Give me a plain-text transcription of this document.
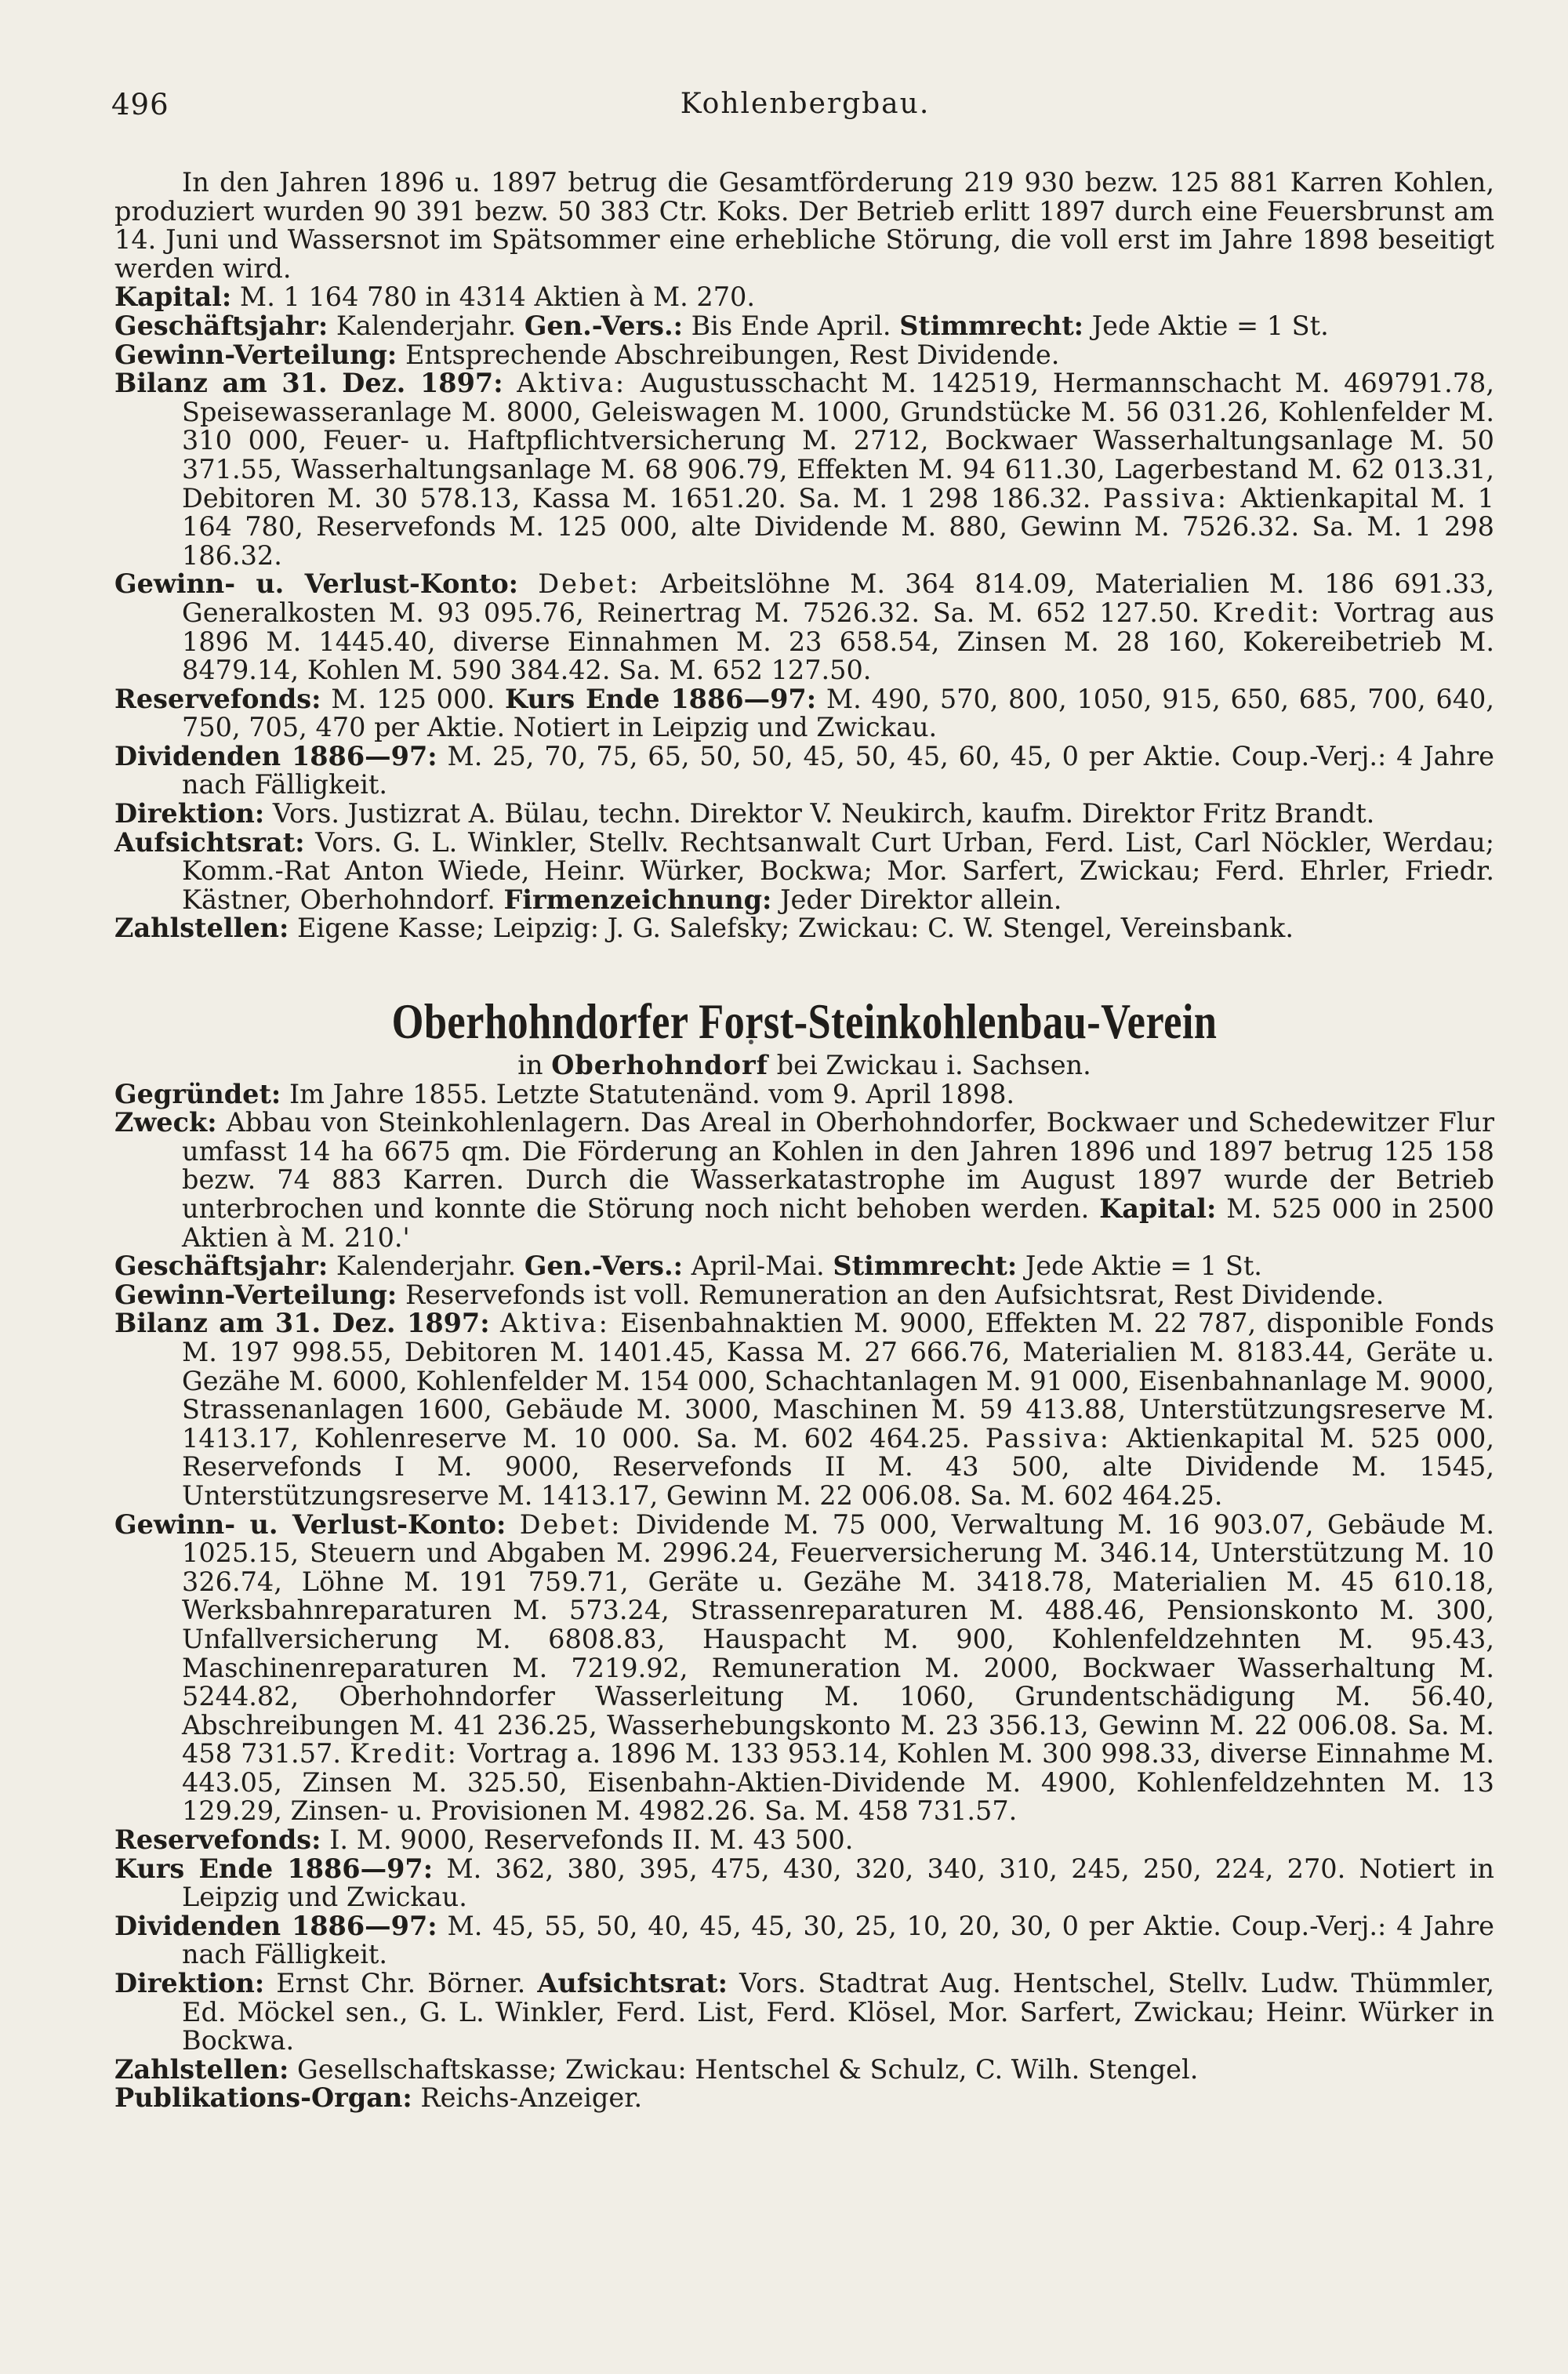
496	Kohlenbergbau.

In den Jahren 1896 u. 1897 betrug die Gesamtförderung 219 930 bezw. 125 881 Karren Kohlen, produziert wurden 90 391 bezw. 50 383 Ctr. Koks. Der Betrieb erlitt 1897 durch eine Feuersbrunst am 14. Juni und Wassersnot im Spätsommer eine erhebliche Störung, die voll erst im Jahre 1898 beseitigt werden wird.

Kapital: M. 1 164 780 in 4314 Aktien à M. 270.

Geschäftsjahr: Kalenderjahr. Gen.-Vers.: Bis Ende April. Stimmrecht: Jede Aktie = 1 St.

Gewinn-Verteilung: Entsprechende Abschreibungen, Rest Dividende.

Bilanz am 31. Dez. 1897: Aktiva: Augustusschacht M. 142519, Hermannschacht M. 469791.78, Speisewasseranlage M. 8000, Geleiswagen M. 1000, Grundstücke M. 56 031.26, Kohlenfelder M. 310 000, Feuer- u. Haftpflichtversicherung M. 2712, Bockwaer Wasserhaltungsanlage M. 50 371.55, Wasserhaltungsanlage M. 68 906.79, Effekten M. 94 611.30, Lagerbestand M. 62 013.31, Debitoren M. 30 578.13, Kassa M. 1651.20. Sa. M. 1 298 186.32. Passiva: Aktienkapital M. 1 164 780, Reservefonds M. 125 000, alte Dividende M. 880, Gewinn M. 7526.32. Sa. M. 1 298 186.32.

Gewinn- u. Verlust-Konto: Debet: Arbeitslöhne M. 364 814.09, Materialien M. 186 691.33, Generalkosten M. 93 095.76, Reinertrag M. 7526.32. Sa. M. 652 127.50. Kredit: Vortrag aus 1896 M. 1445.40, diverse Einnahmen M. 23 658.54, Zinsen M. 28 160, Kokereibetrieb M. 8479.14, Kohlen M. 590 384.42. Sa. M. 652 127.50.

Reservefonds: M. 125 000. Kurs Ende 1886—97: M. 490, 570, 800, 1050, 915, 650, 685, 700, 640, 750, 705, 470 per Aktie. Notiert in Leipzig und Zwickau.

Dividenden 1886—97: M. 25, 70, 75, 65, 50, 50, 45, 50, 45, 60, 45, 0 per Aktie. Coup.-Verj.: 4 Jahre nach Fälligkeit.

Direktion: Vors. Justizrat A. Bülau, techn. Direktor V. Neukirch, kaufm. Direktor Fritz Brandt.

Aufsichtsrat: Vors. G. L. Winkler, Stellv. Rechtsanwalt Curt Urban, Ferd. List, Carl Nöckler, Werdau; Komm.-Rat Anton Wiede, Heinr. Würker, Bockwa; Mor. Sarfert, Zwickau; Ferd. Ehrler, Friedr. Kästner, Oberhohndorf. Firmenzeichnung: Jeder Direktor allein.

Zahlstellen: Eigene Kasse; Leipzig: J. G. Salefsky; Zwickau: C. W. Stengel, Vereinsbank.

Oberhohndorfer Forst-Steinkohlenbau-Verein

in Oberhohndorf bei Zwickau i. Sachsen.

Gegründet: Im Jahre 1855. Letzte Statutenänd. vom 9. April 1898.

Zweck: Abbau von Steinkohlenlagern. Das Areal in Oberhohndorfer, Bockwaer und Schedewitzer Flur umfasst 14 ha 6675 qm. Die Förderung an Kohlen in den Jahren 1896 und 1897 betrug 125 158 bezw. 74 883 Karren. Durch die Wasserkatastrophe im August 1897 wurde der Betrieb unterbrochen und konnte die Störung noch nicht behoben werden. Kapital: M. 525 000 in 2500 Aktien à M. 210.'

Geschäftsjahr: Kalenderjahr. Gen.-Vers.: April-Mai. Stimmrecht: Jede Aktie = 1 St.

Gewinn-Verteilung: Reservefonds ist voll. Remuneration an den Aufsichtsrat, Rest Dividende.

Bilanz am 31. Dez. 1897: Aktiva: Eisenbahnaktien M. 9000, Effekten M. 22 787, disponible Fonds M. 197 998.55, Debitoren M. 1401.45, Kassa M. 27 666.76, Materialien M. 8183.44, Geräte u. Gezähe M. 6000, Kohlenfelder M. 154 000, Schachtanlagen M. 91 000, Eisenbahnanlage M. 9000, Strassenanlagen 1600, Gebäude M. 3000, Maschinen M. 59 413.88, Unterstützungsreserve M. 1413.17, Kohlenreserve M. 10 000. Sa. M. 602 464.25. Passiva: Aktienkapital M. 525 000, Reservefonds I M. 9000, Reservefonds II M. 43 500, alte Dividende M. 1545, Unterstützungsreserve M. 1413.17, Gewinn M. 22 006.08. Sa. M. 602 464.25.

Gewinn- u. Verlust-Konto: Debet: Dividende M. 75 000, Verwaltung M. 16 903.07, Gebäude M. 1025.15, Steuern und Abgaben M. 2996.24, Feuerversicherung M. 346.14, Unterstützung M. 10 326.74, Löhne M. 191 759.71, Geräte u. Gezähe M. 3418.78, Materialien M. 45 610.18, Werksbahnreparaturen M. 573.24, Strassenreparaturen M. 488.46, Pensionskonto M. 300, Unfallversicherung M. 6808.83, Hauspacht M. 900, Kohlenfeldzehnten M. 95.43, Maschinenreparaturen M. 7219.92, Remuneration M. 2000, Bockwaer Wasserhaltung M. 5244.82, Oberhohndorfer Wasserleitung M. 1060, Grundentschädigung M. 56.40, Abschreibungen M. 41 236.25, Wasserhebungskonto M. 23 356.13, Gewinn M. 22 006.08. Sa. M. 458 731.57. Kredit: Vortrag a. 1896 M. 133 953.14, Kohlen M. 300 998.33, diverse Einnahme M. 443.05, Zinsen M. 325.50, Eisenbahn-Aktien-Dividende M. 4900, Kohlenfeldzehnten M. 13 129.29, Zinsen- u. Provisionen M. 4982.26. Sa. M. 458 731.57.

Reservefonds: I. M. 9000, Reservefonds II. M. 43 500.

Kurs Ende 1886—97: M. 362, 380, 395, 475, 430, 320, 340, 310, 245, 250, 224, 270. Notiert in Leipzig und Zwickau.

Dividenden 1886—97: M. 45, 55, 50, 40, 45, 45, 30, 25, 10, 20, 30, 0 per Aktie. Coup.-Verj.: 4 Jahre nach Fälligkeit.

Direktion: Ernst Chr. Börner. Aufsichtsrat: Vors. Stadtrat Aug. Hentschel, Stellv. Ludw. Thümmler, Ed. Möckel sen., G. L. Winkler, Ferd. List, Ferd. Klösel, Mor. Sarfert, Zwickau; Heinr. Würker in Bockwa.

Zahlstellen: Gesellschaftskasse; Zwickau: Hentschel & Schulz, C. Wilh. Stengel.

Publikations-Organ: Reichs-Anzeiger.
